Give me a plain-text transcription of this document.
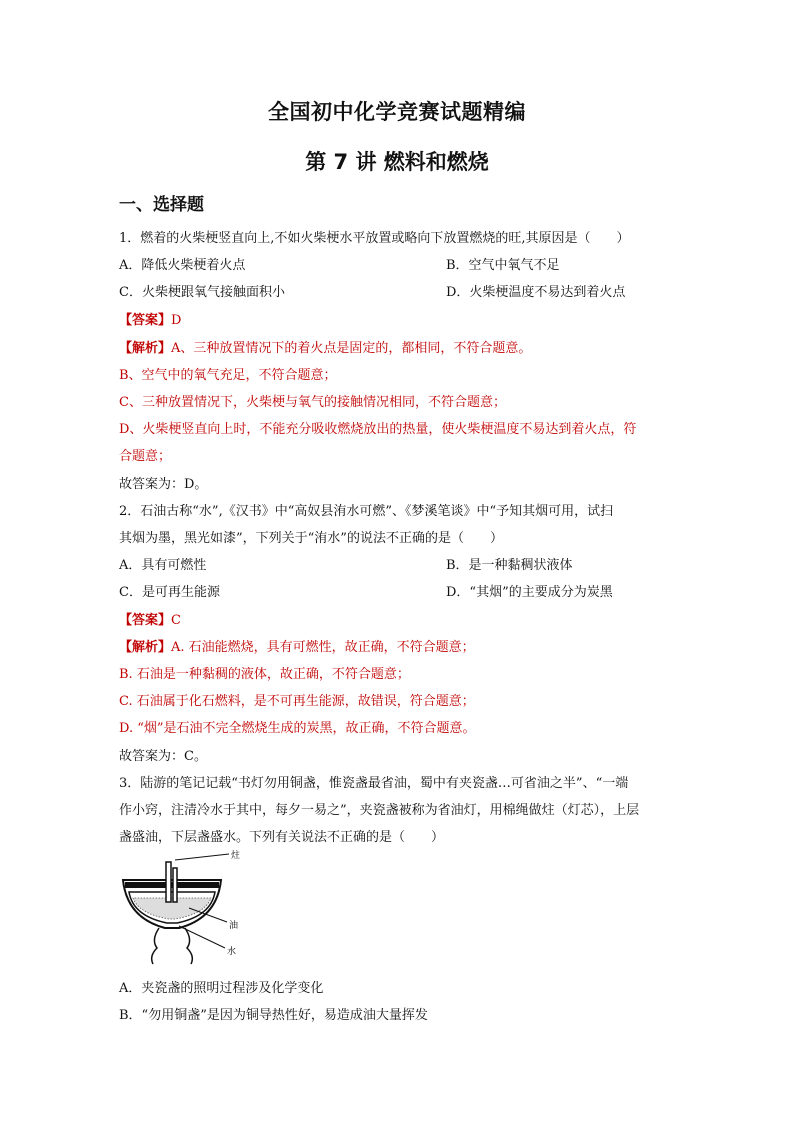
全国初中化学竞赛试题精编
第 7 讲 燃料和燃烧
一、选择题
1．燃着的火柴梗竖直向上,不如火柴梗水平放置或略向下放置燃烧的旺,其原因是（　　）
A．降低火柴梗着火点	B．空气中氧气不足
C．火柴梗跟氧气接触面积小	D．火柴梗温度不易达到着火点
【答案】D
【解析】A、三种放置情况下的着火点是固定的，都相同，不符合题意。
B、空气中的氧气充足，不符合题意；
C、三种放置情况下，火柴梗与氧气的接触情况相同，不符合题意；
D、火柴梗竖直向上时，不能充分吸收燃烧放出的热量，使火柴梗温度不易达到着火点，符
合题意；
故答案为：D。
2．石油古称“水”,《汉书》中“高奴县洧水可燃”、《梦溪笔谈》中“予知其烟可用，试扫
其烟为墨，黑光如漆”，下列关于“洧水”的说法不正确的是（　　）
A．具有可燃性	B．是一种黏稠状液体
C．是可再生能源	D．“其烟”的主要成分为炭黑
【答案】C
【解析】A. 石油能燃烧，具有可燃性，故正确，不符合题意；
B. 石油是一种黏稠的液体，故正确，不符合题意；
C. 石油属于化石燃料，是不可再生能源，故错误，符合题意；
D. “烟”是石油不完全燃烧生成的炭黑，故正确，不符合题意。
故答案为：C。
3．陆游的笔记记载“书灯勿用铜盏，惟瓷盏最省油，蜀中有夹瓷盏…可省油之半”、“一端
作小窍，注清冷水于其中，每夕一易之”，夹瓷盏被称为省油灯，用棉绳做炷（灯芯），上层
盏盛油，下层盏盛水。下列有关说法不正确的是（　　）
炷
油
水
A．夹瓷盏的照明过程涉及化学变化
B．“勿用铜盏”是因为铜导热性好，易造成油大量挥发
